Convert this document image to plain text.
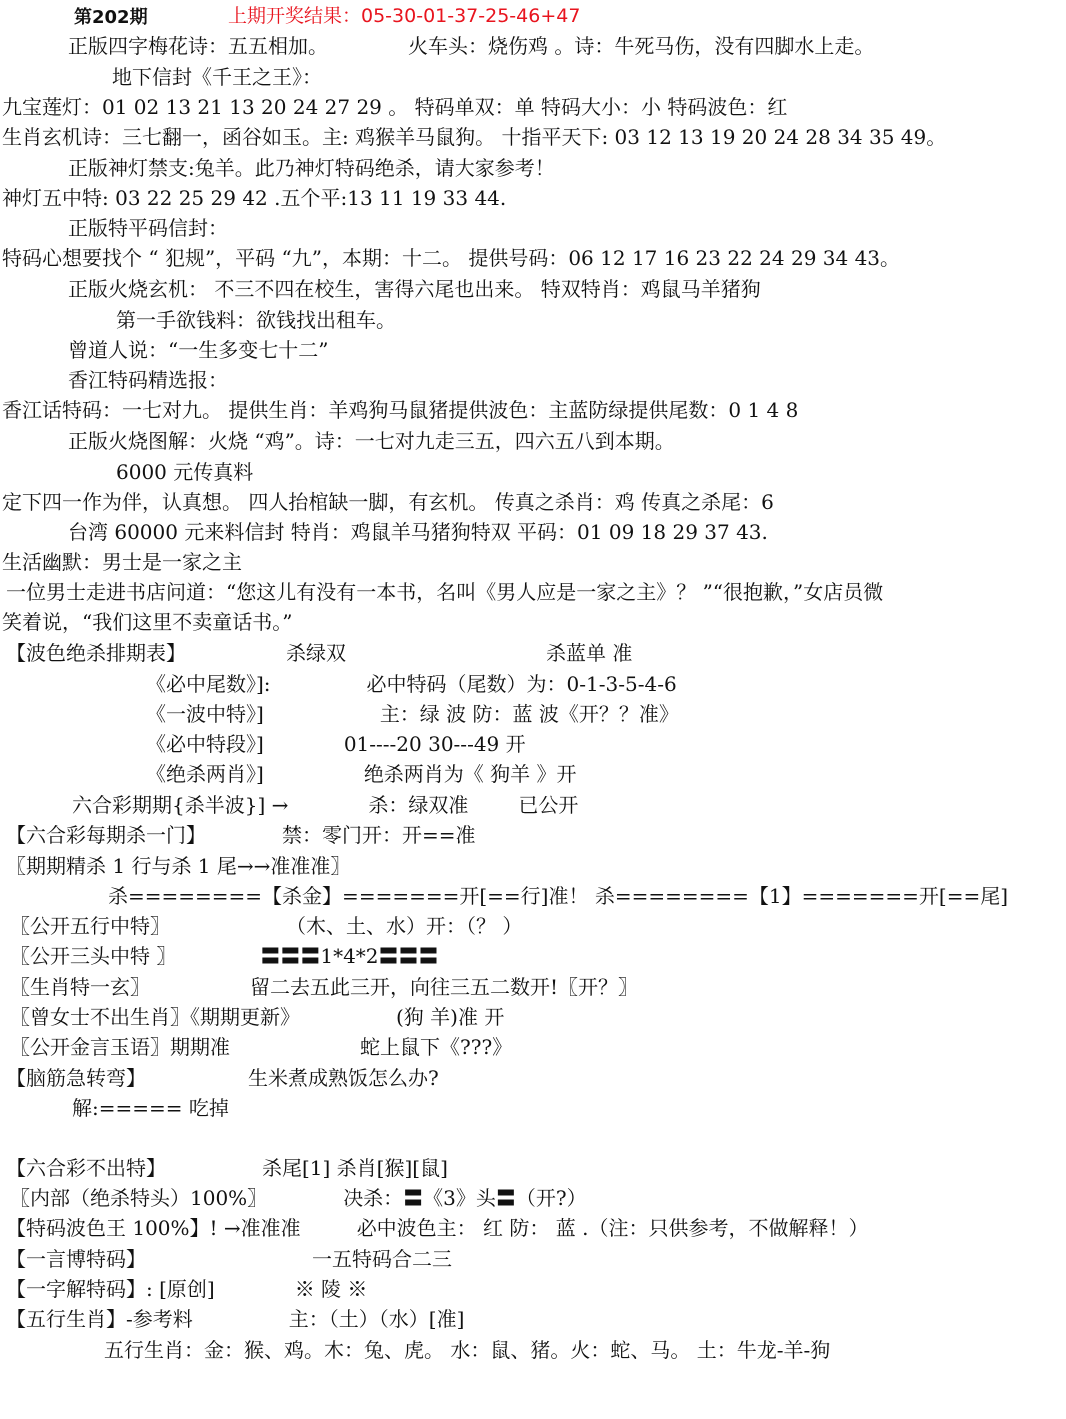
第202期	上期开奖结果：05-30-01-37-25-46+47
正版四字梅花诗：五五相加。	火车头：烧伤鸡 。诗：牛死马伤，没有四脚水上走。
地下信封《千王之王》：
九宝莲灯：01 02 13 21 13 20 24 27 29 。 特码单双：单 特码大小：小 特码波色：红
生肖玄机诗：三七翻一，函谷如玉。主: 鸡猴羊马鼠狗。 十指平天下: 03 12 13 19 20 24 28 34 35 49。
正版神灯禁支:兔羊。此乃神灯特码绝杀，请大家参考！
神灯五中特: 03 22 25 29 42 .五个平:13 11 19 33 44.
正版特平码信封：
特码心想要找个 “ 犯规”，平码 “九”，本期：十二。 提供号码：06 12 17 16 23 22 24 29 34 43。
正版火烧玄机： 不三不四在校生，害得六尾也出来。 特双特肖：鸡鼠马羊猪狗
第一手欲钱料：欲钱找出租车。
曾道人说：“一生多变七十二”
香江特码精选报：
香江话特码：一七对九。 提供生肖：羊鸡狗马鼠猪提供波色：主蓝防绿提供尾数：0 1 4 8
正版火烧图解：火烧 “鸡”。诗：一七对九走三五，四六五八到本期。
6000 元传真料
定下四一作为伴，认真想。 四人抬棺缺一脚，有玄机。 传真之杀肖：鸡 传真之杀尾：6
台湾 60000 元来料信封 特肖：鸡鼠羊马猪狗特双 平码：01 09 18 29 37 43.
生活幽默：男士是一家之主
一位男士走进书店问道：“您这儿有没有一本书，名叫《男人应是一家之主》？ ”“很抱歉，”女店员微
笑着说，“我们这里不卖童话书。”
【波色绝杀排期表】	杀绿双	杀蓝单 准
《必中尾数》]:	必中特码（尾数）为：0-1-3-5-4-6
《一波中特》]	主：绿 波 防：蓝 波《开？？准》
《必中特段》]	01----20 30---49 开
《绝杀两肖》]	绝杀两肖为《 狗羊 》开
六合彩期期{杀半波}] →	杀：绿双准	已公开
【六合彩每期杀一门】	禁：零门开：开==准
〖期期精杀 1 行与杀 1 尾→→准准准〗
杀========【杀金】=======开[==行]准！ 杀========【1】=======开[==尾]
〖公开五行中特〗	（木、土、水）开：（？ ）
〖公开三头中特 〗	〓〓〓1*4*2〓〓〓
〖生肖特一玄〗	留二去五此三开，向往三五二数开!〖开？〗
〖曾女士不出生肖〗《期期更新》	(狗 羊)准 开
〖公开金言玉语〗期期准	蛇上鼠下《???》
【脑筋急转弯】	生米煮成熟饭怎么办?
解:===== 吃掉
【六合彩不出特】	杀尾[1] 杀肖[猴][鼠]
〖内部（绝杀特头）100%〗	决杀：〓《3》头〓（开?）
【特码波色王 100%】! →准准准	必中波色主： 红 防： 蓝 .（注：只供参考，不做解释！）
【一言博特码】	一五特码合二三
【一字解特码】: [原创]	※ 陵 ※
【五行生肖】-参考料	主：（土）（水）[准]
五行生肖：金：猴、鸡。木：兔、虎。 水：鼠、猪。火：蛇、马。 土：牛龙-羊-狗
